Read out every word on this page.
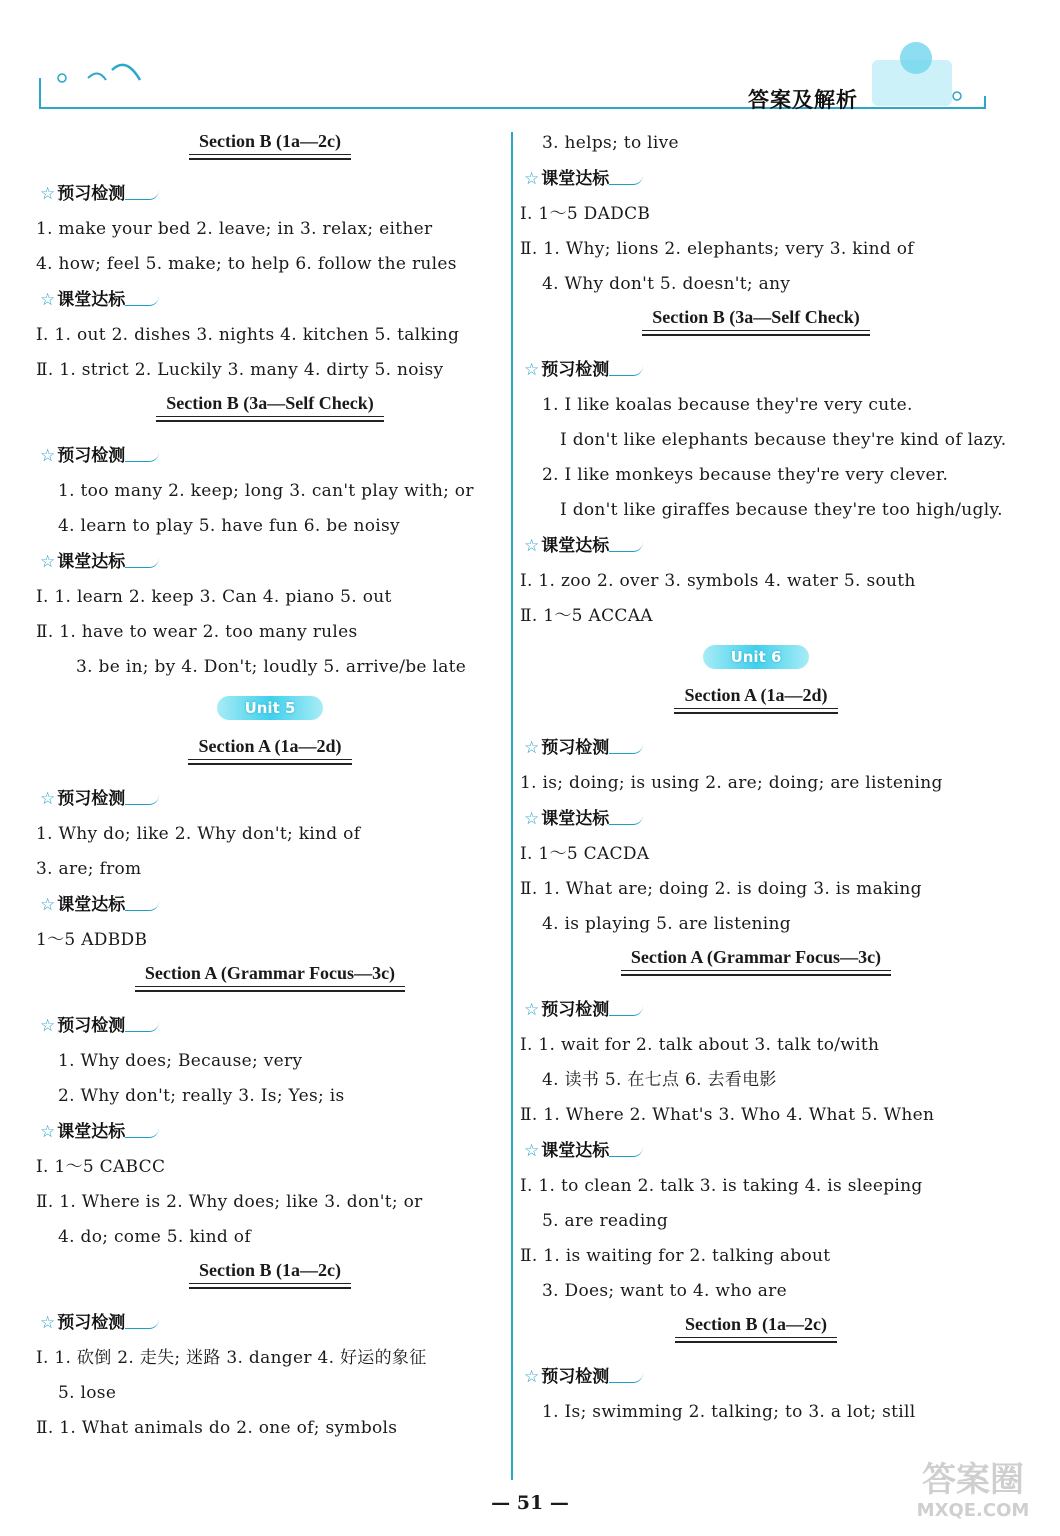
答案及解析
Section B (1a—2c)
☆ 预习检测
1. make your bed 2. leave; in 3. relax; either
4. how; feel 5. make; to help 6. follow the rules
☆ 课堂达标
Ⅰ. 1. out 2. dishes 3. nights 4. kitchen 5. talking
Ⅱ. 1. strict 2. Luckily 3. many 4. dirty 5. noisy
Section B (3a—Self Check)
☆ 预习检测
1. too many 2. keep; long 3. can't play with; or
4. learn to play 5. have fun 6. be noisy
☆ 课堂达标
Ⅰ. 1. learn 2. keep 3. Can 4. piano 5. out
Ⅱ. 1. have to wear 2. too many rules
3. be in; by 4. Don't; loudly 5. arrive/be late
Unit 5
Section A (1a—2d)
☆ 预习检测
1. Why do; like 2. Why don't; kind of
3. are; from
☆ 课堂达标
1～5 ADBDB
Section A (Grammar Focus—3c)
☆ 预习检测
1. Why does; Because; very
2. Why don't; really 3. Is; Yes; is
☆ 课堂达标
Ⅰ. 1～5 CABCC
Ⅱ. 1. Where is 2. Why does; like 3. don't; or
4. do; come 5. kind of
Section B (1a—2c)
☆ 预习检测
Ⅰ. 1. 砍倒 2. 走失; 迷路 3. danger 4. 好运的象征
5. lose
Ⅱ. 1. What animals do 2. one of; symbols
3. helps; to live
☆ 课堂达标
Ⅰ. 1～5 DADCB
Ⅱ. 1. Why; lions 2. elephants; very 3. kind of
4. Why don't 5. doesn't; any
Section B (3a—Self Check)
☆ 预习检测
1. I like koalas because they're very cute.
I don't like elephants because they're kind of lazy.
2. I like monkeys because they're very clever.
I don't like giraffes because they're too high/ugly.
☆ 课堂达标
Ⅰ. 1. zoo 2. over 3. symbols 4. water 5. south
Ⅱ. 1～5 ACCAA
Unit 6
Section A (1a—2d)
☆ 预习检测
1. is; doing; is using 2. are; doing; are listening
☆ 课堂达标
Ⅰ. 1～5 CACDA
Ⅱ. 1. What are; doing 2. is doing 3. is making
4. is playing 5. are listening
Section A (Grammar Focus—3c)
☆ 预习检测
Ⅰ. 1. wait for 2. talk about 3. talk to/with
4. 读书 5. 在七点 6. 去看电影
Ⅱ. 1. Where 2. What's 3. Who 4. What 5. When
☆ 课堂达标
Ⅰ. 1. to clean 2. talk 3. is taking 4. is sleeping
5. are reading
Ⅱ. 1. is waiting for 2. talking about
3. Does; want to 4. who are
Section B (1a—2c)
☆ 预习检测
1. Is; swimming 2. talking; to 3. a lot; still
— 51 —
答案圈
MXQE.COM
